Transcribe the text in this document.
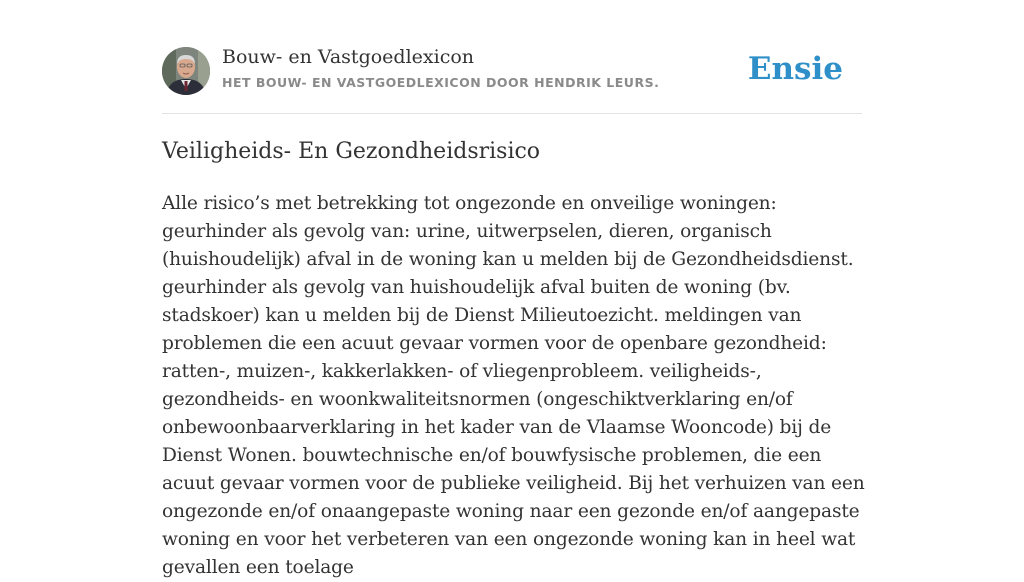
Bouw- en Vastgoedlexicon
HET BOUW- EN VASTGOEDLEXICON DOOR HENDRIK LEURS.	Ensie
Veiligheids- En Gezondheidsrisico

Alle risico’s met betrekking tot ongezonde en onveilige woningen: geurhinder als gevolg van: urine, uitwerpselen, dieren, organisch (huishoudelijk) afval in de woning kan u melden bij de Gezondheidsdienst. geurhinder als gevolg van huishoudelijk afval buiten de woning (bv. stadskoer) kan u melden bij de Dienst Milieutoezicht. meldingen van problemen die een acuut gevaar vormen voor de openbare gezondheid: ratten-, muizen-, kakkerlakken- of vliegenprobleem. veiligheids-, gezondheids- en woonkwaliteitsnormen (ongeschiktverklaring en/of onbewoonbaarverklaring in het kader van de Vlaamse Wooncode) bij de Dienst Wonen. bouwtechnische en/of bouwfysische problemen, die een acuut gevaar vormen voor de publieke veiligheid. Bij het verhuizen van een ongezonde en/of onaangepaste woning naar een gezonde en/of aangepaste woning en voor het verbeteren van een ongezonde woning kan in heel wat gevallen een toelage
